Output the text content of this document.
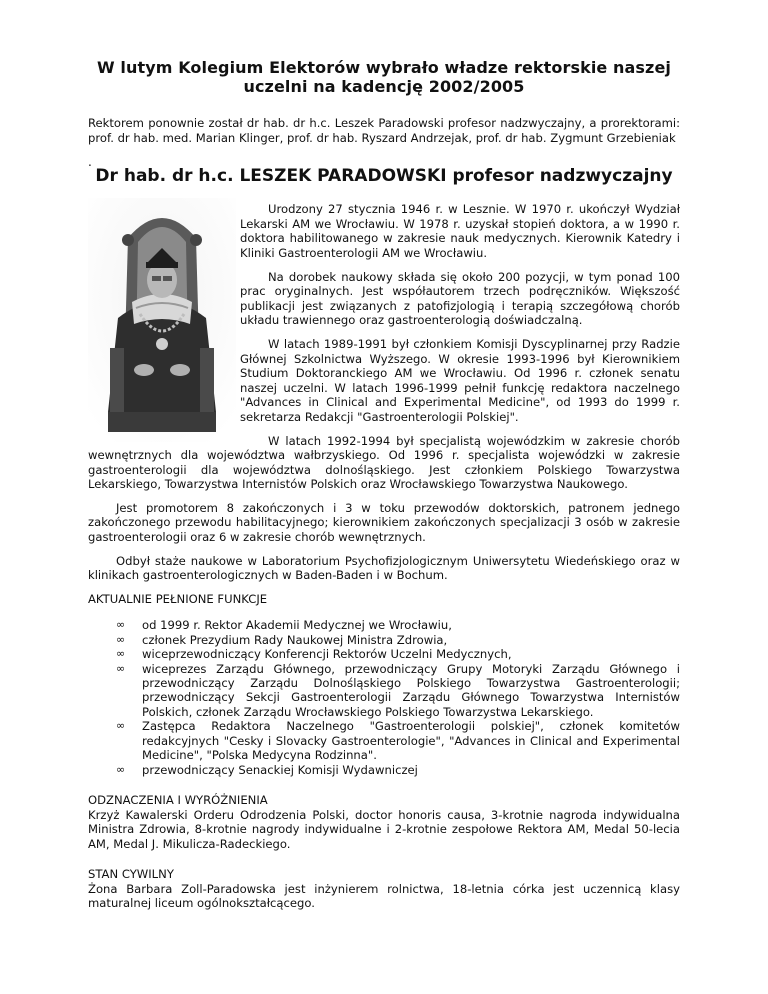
W lutym Kolegium Elektorów wybrało władze rektorskie naszej uczelni na kadencję 2002/2005

Rektorem ponownie został dr hab. dr h.c. Leszek Paradowski profesor nadzwyczajny, a prorektorami: prof. dr hab. med. Marian Klinger, prof. dr hab. Ryszard Andrzejak, prof. dr hab. Zygmunt Grzebieniak

.

Dr hab. dr h.c. LESZEK PARADOWSKI profesor nadzwyczajny

Urodzony 27 stycznia 1946 r. w Lesznie. W 1970 r. ukończył Wydział Lekarski AM we Wrocławiu. W 1978 r. uzyskał stopień doktora, a w 1990 r. doktora habilitowanego w zakresie nauk medycznych. Kierownik Katedry i Kliniki Gastroenterologii AM we Wrocławiu.

Na dorobek naukowy składa się około 200 pozycji, w tym ponad 100 prac oryginalnych. Jest współautorem trzech podręczników. Większość publikacji jest związanych z patofizjologią i terapią szczegółową chorób układu trawiennego oraz gastroenterologią doświadczalną.

W latach 1989-1991 był członkiem Komisji Dyscyplinarnej przy Radzie Głównej Szkolnictwa Wyższego. W okresie 1993-1996 był Kierownikiem Studium Doktoranckiego AM we Wrocławiu. Od 1996 r. członek senatu naszej uczelni. W latach 1996-1999 pełnił funkcję redaktora naczelnego "Advances in Clinical and Experimental Medicine", od 1993 do 1999 r. sekretarza Redakcji "Gastroenterologii Polskiej".

W latach 1992-1994 był specjalistą wojewódzkim w zakresie chorób wewnętrznych dla województwa wałbrzyskiego. Od 1996 r. specjalista wojewódzki w zakresie gastroenterologii dla województwa dolnośląskiego. Jest członkiem Polskiego Towarzystwa Lekarskiego, Towarzystwa Internistów Polskich oraz Wrocławskiego Towarzystwa Naukowego.

Jest promotorem 8 zakończonych i 3 w toku przewodów doktorskich, patronem jednego zakończonego przewodu habilitacyjnego; kierownikiem zakończonych specjalizacji 3 osób w zakresie gastroenterologii oraz 6 w zakresie chorób wewnętrznych.

Odbył staże naukowe w Laboratorium Psychofizjologicznym Uniwersytetu Wiedeńskiego oraz w klinikach gastroenterologicznych w Baden-Baden i w Bochum.

AKTUALNIE PEŁNIONE FUNKCJE

∞ od 1999 r. Rektor Akademii Medycznej we Wrocławiu,
∞ członek Prezydium Rady Naukowej Ministra Zdrowia,
∞ wiceprzewodniczący Konferencji Rektorów Uczelni Medycznych,
∞ wiceprezes Zarządu Głównego, przewodniczący Grupy Motoryki Zarządu Głównego i przewodniczący Zarządu Dolnośląskiego Polskiego Towarzystwa Gastroenterologii; przewodniczący Sekcji Gastroenterologii Zarządu Głównego Towarzystwa Internistów Polskich, członek Zarządu Wrocławskiego Polskiego Towarzystwa Lekarskiego.
∞ Zastępca Redaktora Naczelnego "Gastroenterologii polskiej", członek komitetów redakcyjnych "Cesky i Slovacky Gastroenterologie", "Advances in Clinical and Experimental Medicine", "Polska Medycyna Rodzinna".
∞ przewodniczący Senackiej Komisji Wydawniczej
ODZNACZENIA I WYRÓŻNIENIA
Krzyż Kawalerski Orderu Odrodzenia Polski, doctor honoris causa, 3-krotnie nagroda indywidualna Ministra Zdrowia, 8-krotnie nagrody indywidualne i 2-krotnie zespołowe Rektora AM, Medal 50-lecia AM, Medal J. Mikulicza-Radeckiego.
STAN CYWILNY
Żona Barbara Zoll-Paradowska jest inżynierem rolnictwa, 18-letnia córka jest uczennicą klasy maturalnej liceum ogólnokształcącego.
